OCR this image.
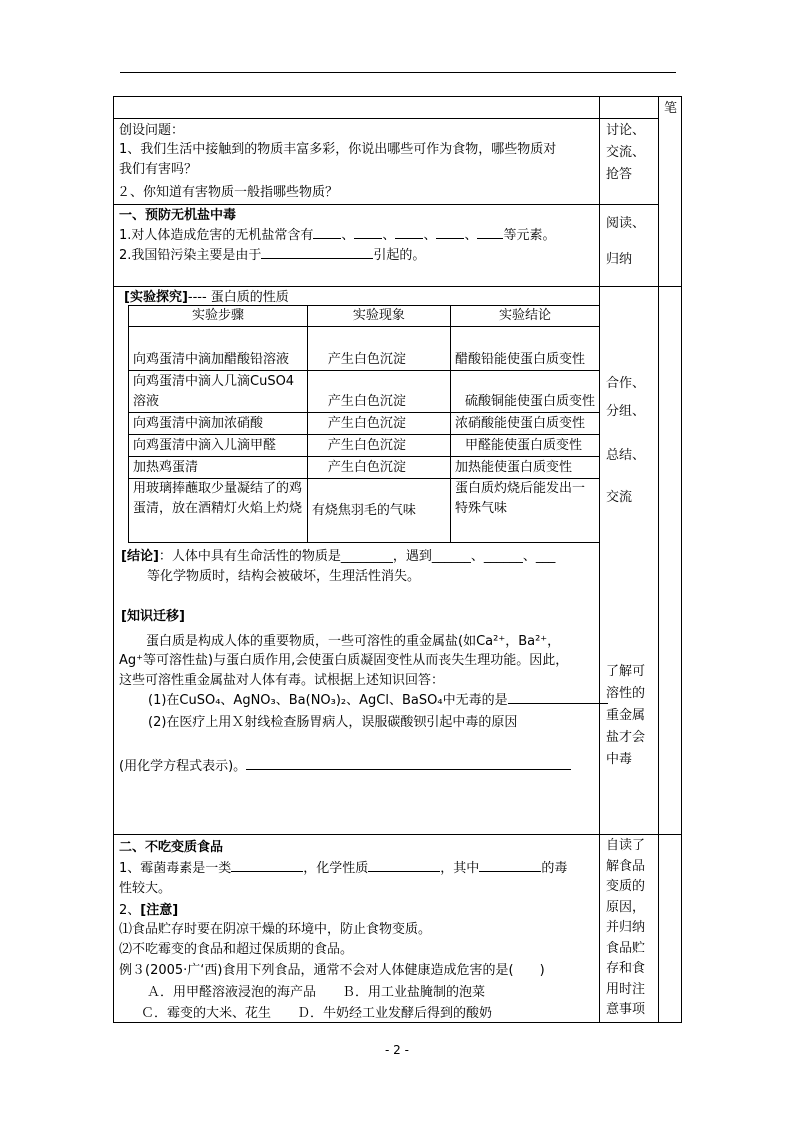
笔
创设问题：
1、我们生活中接触到的物质丰富多彩，你说出哪些可作为食物，哪些物质对
我们有害吗？
２、你知道有害物质一般指哪些物质？
讨论、
交流、
抢答
一、预防无机盐中毒
1.对人体造成危害的无机盐常含有 、 、 、 、 等元素。
2.我国铅污染主要是由于	引起的。
阅读、
归纳
[实验探究]---- 蛋白质的性质
实验步骤	实验现象	实验结论
向鸡蛋清中滴加醋酸铅溶液	产生白色沉淀	醋酸铅能使蛋白质变性
向鸡蛋清中滴人几滴CuSO4溶液	产生白色沉淀	硫酸铜能使蛋白质变性
向鸡蛋清中滴加浓硝酸	产生白色沉淀	浓硝酸能使蛋白质变性
向鸡蛋清中滴入儿滴甲醛	产生白色沉淀	甲醛能使蛋白质变性
加热鸡蛋清	产生白色沉淀	加热能使蛋白质变性
用玻璃捧蘸取少量凝结了的鸡蛋清，放在酒精灯火焰上灼烧	有烧焦羽毛的气味	蛋白质灼烧后能发出一特殊气味
[结论]：人体中具有生命活性的物质是________，遇到______、______、___
等化学物质时，结构会被破坏，生理活性消失。
合作、
分组、
总结、
交流
[知识迁移]
蛋白质是构成人体的重要物质，一些可溶性的重金属盐(如Ca²⁺，Ba²⁺，
Ag⁺等可溶性盐)与蛋白质作用,会使蛋白质凝固变性从而丧失生理功能。因此，
这些可溶性重金属盐对人体有毒。试根据上述知识回答：
(1)在CuSO₄、AgNO₃、Ba(NO₃)₂、AgCl、BaSO₄中无毒的是
(2)在医疗上用Ｘ射线检查肠胃病人，误服碳酸钡引起中毒的原因
(用化学方程式表示)。
了解可
溶性的
重金属
盐才会
中毒
二、不吃变质食品
1、霉菌毒素是一类	，化学性质	，其中	的毒
性较大。
2、[注意]
⑴食品贮存时要在阴凉干燥的环境中，防止食物变质。
⑵不吃霉变的食品和超过保质期的食品。
例３(2005·广‘西)食用下列食品，通常不会对人体健康造成危害的是(　　)
Ａ．用甲醛溶液浸泡的海产品　　Ｂ．用工业盐腌制的泡菜
Ｃ．霉变的大米、花生　　Ｄ．牛奶经工业发酵后得到的酸奶
自读了
解食品
变质的
原因，
并归纳
食品贮
存和食
用时注
意事项
- 2 -
